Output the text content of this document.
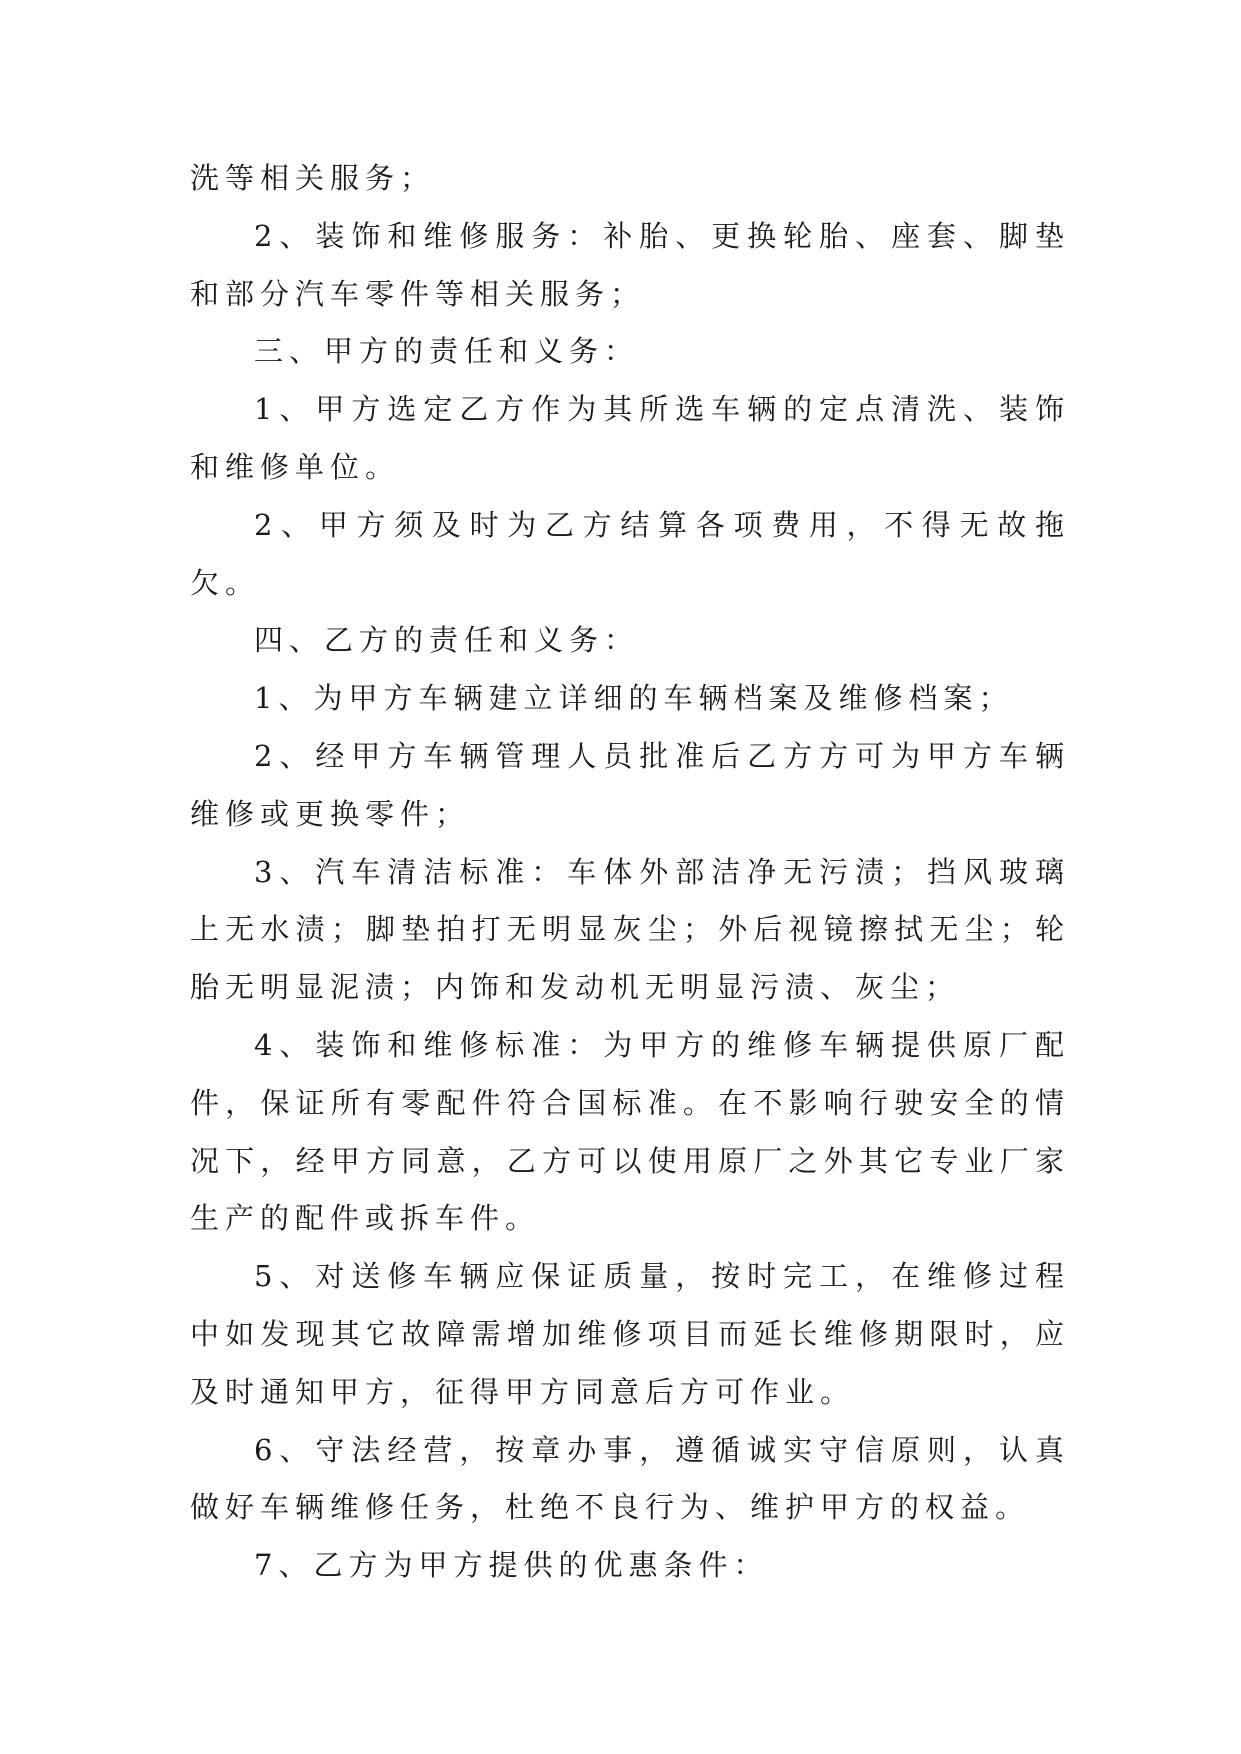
洗等相关服务；

2、装饰和维修服务：补胎、更换轮胎、座套、脚垫和部分汽车零件等相关服务；

三、甲方的责任和义务：

1、甲方选定乙方作为其所选车辆的定点清洗、装饰和维修单位。

2、甲方须及时为乙方结算各项费用，不得无故拖欠。

四、乙方的责任和义务：

1、为甲方车辆建立详细的车辆档案及维修档案；

2、经甲方车辆管理人员批准后乙方方可为甲方车辆维修或更换零件；

3、汽车清洁标准：车体外部洁净无污渍；挡风玻璃上无水渍；脚垫拍打无明显灰尘；外后视镜擦拭无尘；轮胎无明显泥渍；内饰和发动机无明显污渍、灰尘；

4、装饰和维修标准：为甲方的维修车辆提供原厂配件，保证所有零配件符合国标准。在不影响行驶安全的情况下，经甲方同意，乙方可以使用原厂之外其它专业厂家生产的配件或拆车件。

5、对送修车辆应保证质量，按时完工，在维修过程中如发现其它故障需增加维修项目而延长维修期限时，应及时通知甲方，征得甲方同意后方可作业。

6、守法经营，按章办事，遵循诚实守信原则，认真做好车辆维修任务，杜绝不良行为、维护甲方的权益。

7、乙方为甲方提供的优惠条件：
